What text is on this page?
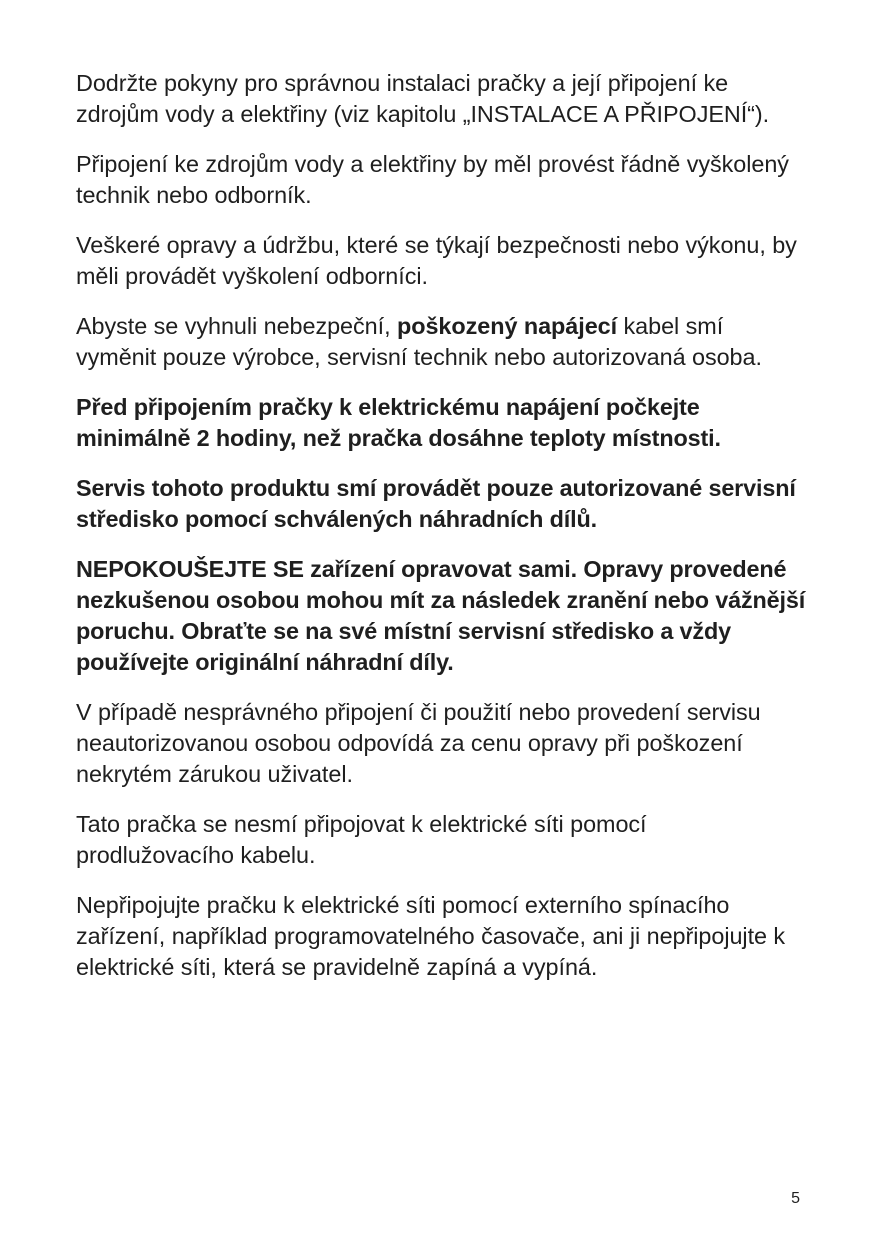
Dodržte pokyny pro správnou instalaci pračky a její připojení ke zdrojům vody a elektřiny (viz kapitolu „INSTALACE A PŘIPOJENÍ“).

Připojení ke zdrojům vody a elektřiny by měl provést řádně vyškolený technik nebo odborník.

Veškeré opravy a údržbu, které se týkají bezpečnosti nebo výkonu, by měli provádět vyškolení odborníci.

Abyste se vyhnuli nebezpeční, poškozený napájecí kabel smí vyměnit pouze výrobce, servisní technik nebo autorizovaná osoba.

Před připojením pračky k elektrickému napájení počkejte minimálně 2 hodiny, než pračka dosáhne teploty místnosti.

Servis tohoto produktu smí provádět pouze autorizované servisní středisko pomocí schválených náhradních dílů.

NEPOKOUŠEJTE SE zařízení opravovat sami. Opravy provedené nezkušenou osobou mohou mít za následek zranění nebo vážnější poruchu. Obraťte se na své místní servisní středisko a vždy používejte originální náhradní díly.

V případě nesprávného připojení či použití nebo provedení servisu neautorizovanou osobou odpovídá za cenu opravy při poškození nekrytém zárukou uživatel.

Tato pračka se nesmí připojovat k elektrické síti pomocí prodlužovacího kabelu.

Nepřipojujte pračku k elektrické síti pomocí externího spínacího zařízení, například programovatelného časovače, ani ji nepřipojujte k elektrické síti, která se pravidelně zapíná a vypíná.

5
